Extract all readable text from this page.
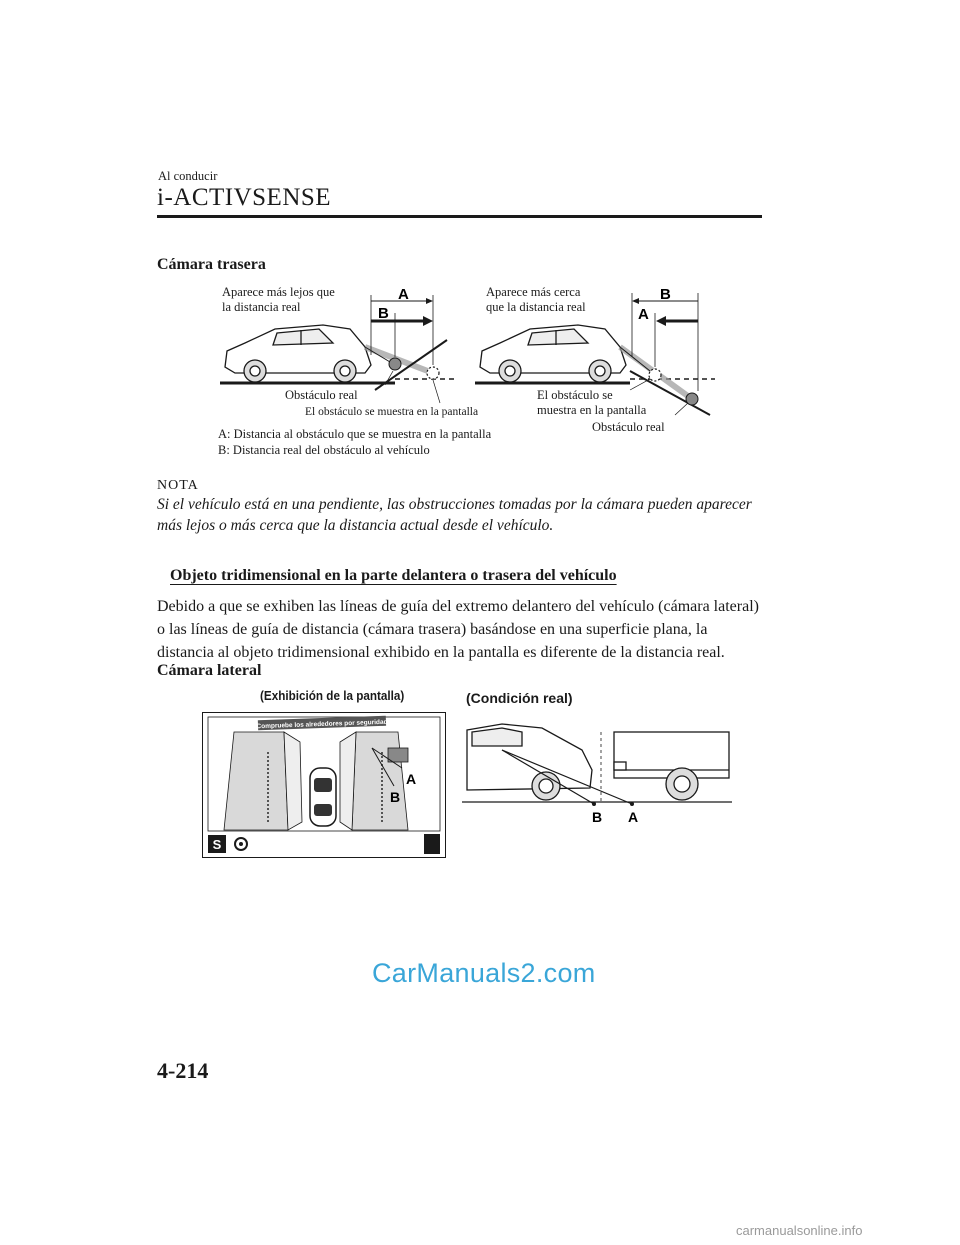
Al conducir
i-ACTIVSENSE
Cámara trasera
A
B
Aparece más lejos que
la distancia real
Obstáculo real
El obstáculo se muestra en la pantalla
B
A
Aparece más cerca
que la distancia real
El obstáculo se
muestra en la pantalla
Obstáculo real
A: Distancia al obstáculo que se muestra en la pantalla
B: Distancia real del obstáculo al vehículo
NOTA
Si el vehículo está en una pendiente, las obstrucciones tomadas por la cámara pueden aparecer más lejos o más cerca que la distancia actual desde el vehículo.
Objeto tridimensional en la parte delantera o trasera del vehículo
Debido a que se exhiben las líneas de guía del extremo delantero del vehículo (cámara lateral) o las líneas de guía de distancia (cámara trasera) basándose en una superficie plana, la distancia al objeto tridimensional exhibido en la pantalla es diferente de la distancia real.
Cámara lateral
(Exhibición de la pantalla)	(Condición real)
Compruebe los alrededores por seguridad
A
B
S
B A
CarManuals2.com
4-214
carmanualsonline.info
